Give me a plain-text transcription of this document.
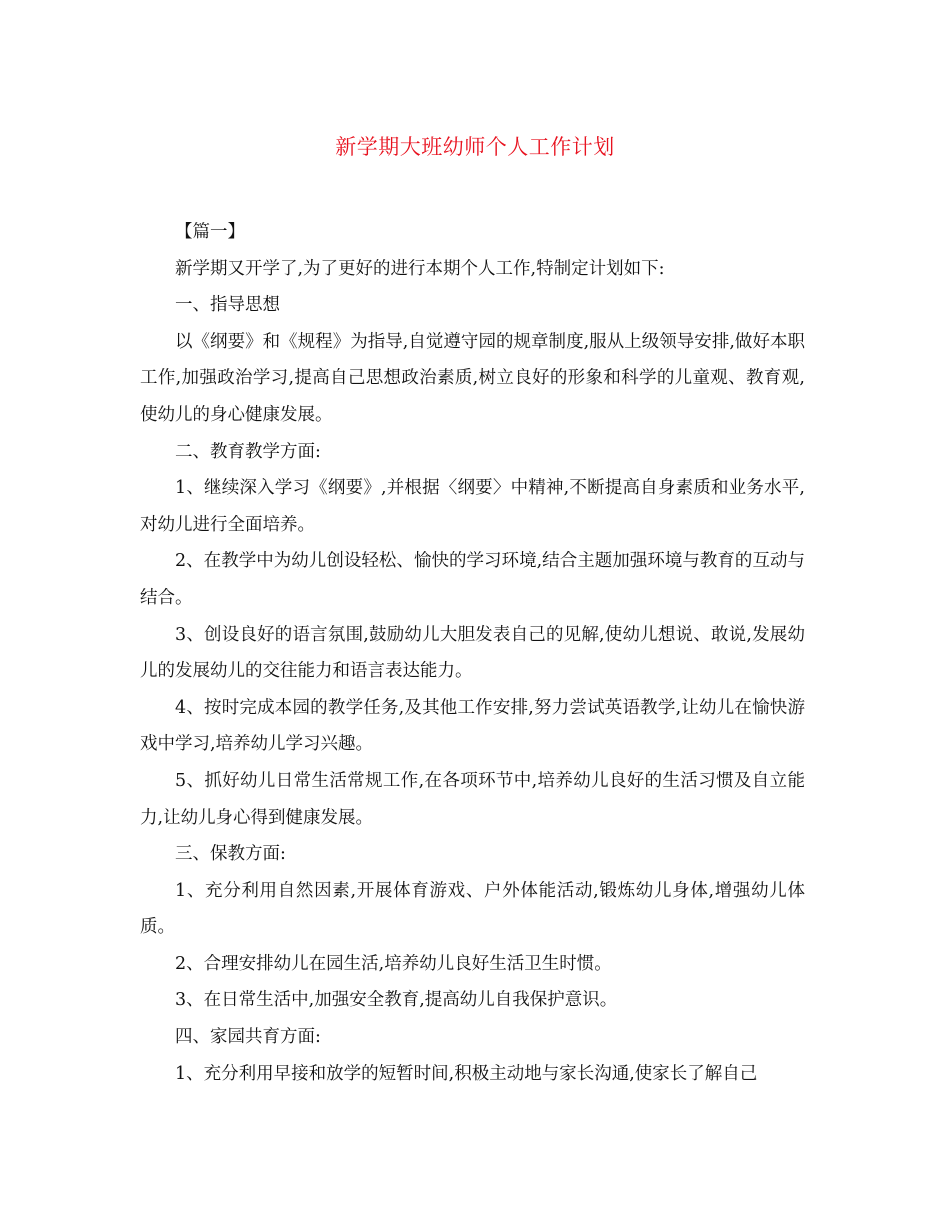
新学期大班幼师个人工作计划

【篇一】

新学期又开学了,为了更好的进行本期个人工作,特制定计划如下:

一、指导思想

以《纲要》和《规程》为指导,自觉遵守园的规章制度,服从上级领导安排,做好本职工作,加强政治学习,提高自己思想政治素质,树立良好的形象和科学的儿童观、教育观,使幼儿的身心健康发展。

二、教育教学方面:

1、继续深入学习《纲要》,并根据〈纲要〉中精神,不断提高自身素质和业务水平,对幼儿进行全面培养。

2、在教学中为幼儿创设轻松、愉快的学习环境,结合主题加强环境与教育的互动与结合。

3、创设良好的语言氛围,鼓励幼儿大胆发表自己的见解,使幼儿想说、敢说,发展幼儿的发展幼儿的交往能力和语言表达能力。

4、按时完成本园的教学任务,及其他工作安排,努力尝试英语教学,让幼儿在愉快游戏中学习,培养幼儿学习兴趣。

5、抓好幼儿日常生活常规工作,在各项环节中,培养幼儿良好的生活习惯及自立能力,让幼儿身心得到健康发展。

三、保教方面:

1、充分利用自然因素,开展体育游戏、户外体能活动,锻炼幼儿身体,增强幼儿体质。

2、合理安排幼儿在园生活,培养幼儿良好生活卫生时惯。

3、在日常生活中,加强安全教育,提高幼儿自我保护意识。

四、家园共育方面:

1、充分利用早接和放学的短暂时间,积极主动地与家长沟通,使家长了解自己
